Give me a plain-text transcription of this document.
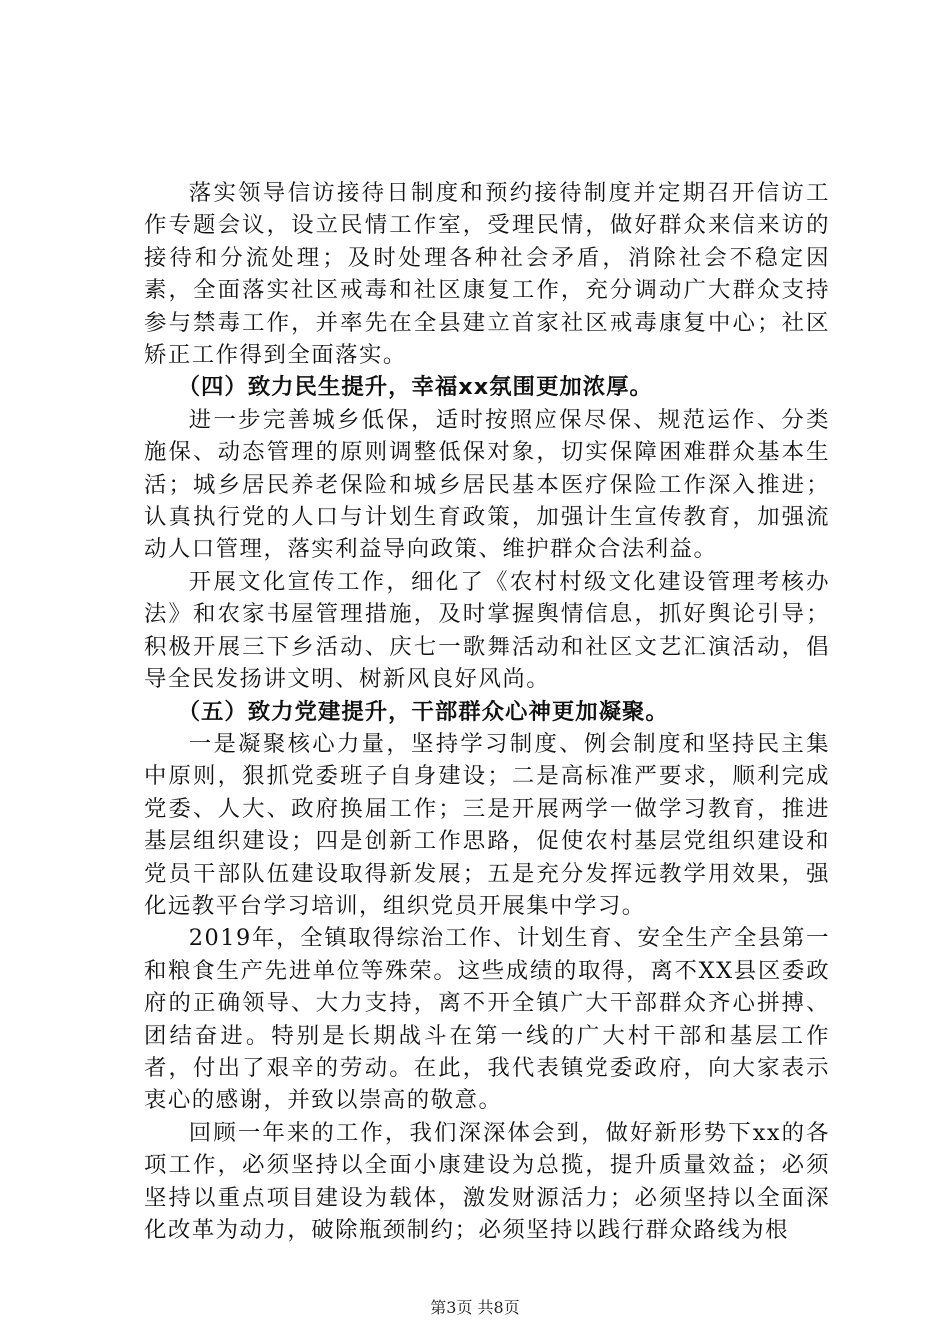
落实领导信访接待日制度和预约接待制度并定期召开信访工作专题会议，设立民情工作室，受理民情，做好群众来信来访的接待和分流处理；及时处理各种社会矛盾，消除社会不稳定因素，全面落实社区戒毒和社区康复工作，充分调动广大群众支持参与禁毒工作，并率先在全县建立首家社区戒毒康复中心；社区矫正工作得到全面落实。

（四）致力民生提升，幸福xx氛围更加浓厚。

进一步完善城乡低保，适时按照应保尽保、规范运作、分类施保、动态管理的原则调整低保对象，切实保障困难群众基本生活；城乡居民养老保险和城乡居民基本医疗保险工作深入推进；认真执行党的人口与计划生育政策，加强计生宣传教育，加强流动人口管理，落实利益导向政策、维护群众合法利益。

开展文化宣传工作，细化了《农村村级文化建设管理考核办法》和农家书屋管理措施，及时掌握舆情信息，抓好舆论引导；积极开展三下乡活动、庆七一歌舞活动和社区文艺汇演活动，倡导全民发扬讲文明、树新风良好风尚。

（五）致力党建提升，干部群众心神更加凝聚。

一是凝聚核心力量，坚持学习制度、例会制度和坚持民主集中原则，狠抓党委班子自身建设；二是高标准严要求，顺利完成党委、人大、政府换届工作；三是开展两学一做学习教育，推进基层组织建设；四是创新工作思路，促使农村基层党组织建设和党员干部队伍建设取得新发展；五是充分发挥远教学用效果，强化远教平台学习培训，组织党员开展集中学习。

2019年，全镇取得综治工作、计划生育、安全生产全县第一和粮食生产先进单位等殊荣。这些成绩的取得，离不XX县区委政府的正确领导、大力支持，离不开全镇广大干部群众齐心拼搏、团结奋进。特别是长期战斗在第一线的广大村干部和基层工作者，付出了艰辛的劳动。在此，我代表镇党委政府，向大家表示衷心的感谢，并致以崇高的敬意。

回顾一年来的工作，我们深深体会到，做好新形势下xx的各项工作，必须坚持以全面小康建设为总揽，提升质量效益；必须坚持以重点项目建设为载体，激发财源活力；必须坚持以全面深化改革为动力，破除瓶颈制约；必须坚持以践行群众路线为根

第3页 共8页
